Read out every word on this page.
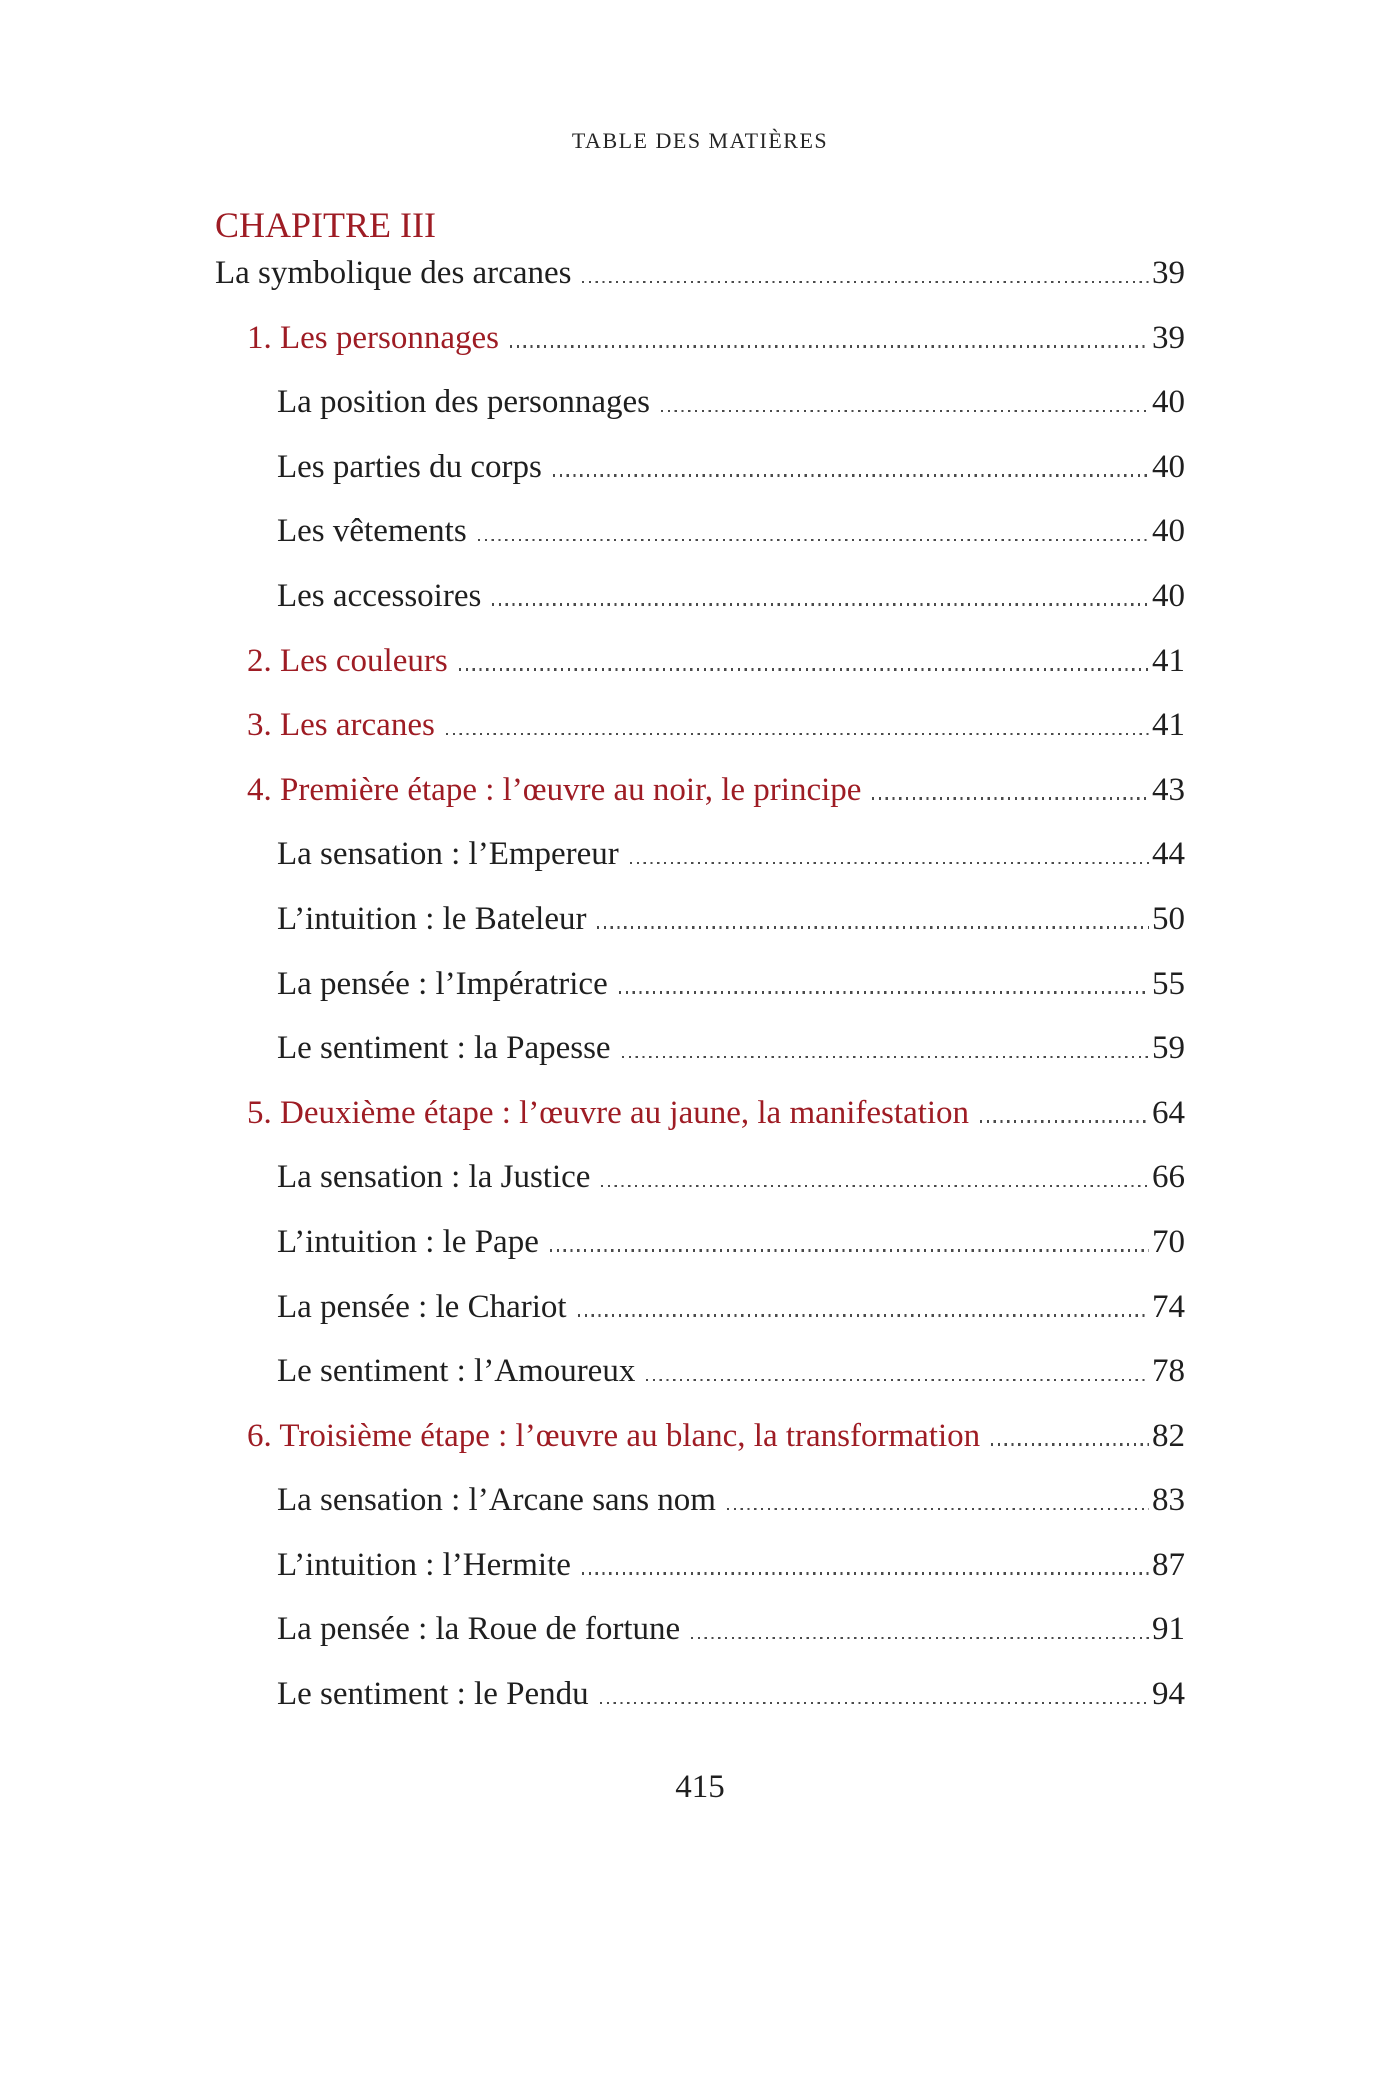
TABLE DES MATIÈRES
CHAPITRE III
La symbolique des arcanes	39
1. Les personnages	39
La position des personnages	40
Les parties du corps	40
Les vêtements	40
Les accessoires	40
2. Les couleurs	41
3. Les arcanes	41
4. Première étape : l’œuvre au noir, le principe	43
La sensation : l’Empereur	44
L’intuition : le Bateleur	50
La pensée : l’Impératrice	55
Le sentiment : la Papesse	59
5. Deuxième étape : l’œuvre au jaune, la manifestation	64
La sensation : la Justice	66
L’intuition : le Pape	70
La pensée : le Chariot	74
Le sentiment : l’Amoureux	78
6. Troisième étape : l’œuvre au blanc, la transformation	82
La sensation : l’Arcane sans nom	83
L’intuition : l’Hermite	87
La pensée : la Roue de fortune	91
Le sentiment : le Pendu	94
415
